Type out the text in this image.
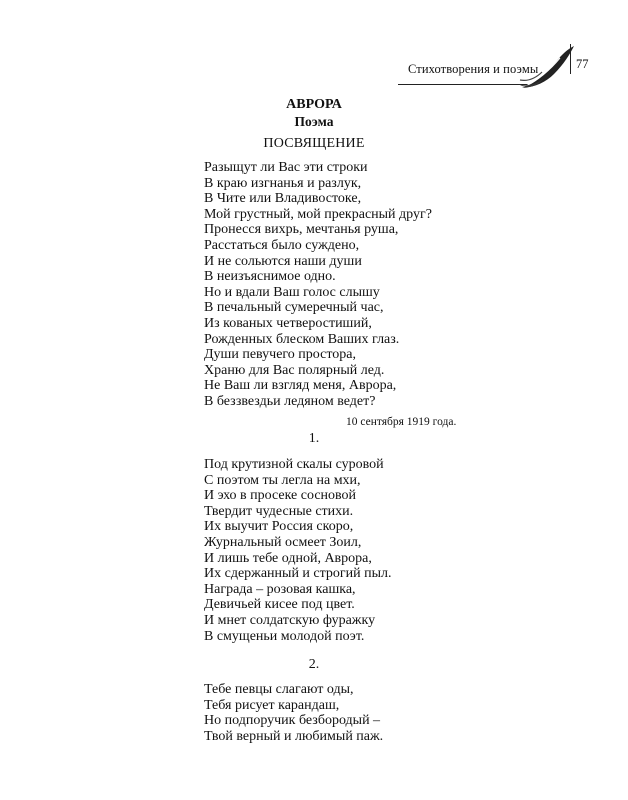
Стихотворения и поэмы	77
АВРОРА
Поэма
ПОСВЯЩЕНИЕ
Разыщут ли Вас эти строки
В краю изгнанья и разлук,
В Чите или Владивостоке,
Мой грустный, мой прекрасный друг?
Пронесся вихрь, мечтанья руша,
Расстаться было суждено,
И не сольются наши души
В неизъяснимое одно.
Но и вдали Ваш голос слышу
В печальный сумеречный час,
Из кованых четверостиший,
Рожденных блеском Ваших глаз.
Души певучего простора,
Храню для Вас полярный лед.
Не Ваш ли взгляд меня, Аврора,
В беззвездьи ледяном ведет?
10 сентября 1919 года.
1.
Под крутизной скалы суровой
С поэтом ты легла на мхи,
И эхо в просеке сосновой
Твердит чудесные стихи.
Их выучит Россия скоро,
Журнальный осмеет Зоил,
И лишь тебе одной, Аврора,
Их сдержанный и строгий пыл.
Награда – розовая кашка,
Девичьей кисее под цвет.
И мнет солдатскую фуражку
В смущеньи молодой поэт.
2.
Тебе певцы слагают оды,
Тебя рисует карандаш,
Но подпоручик безбородый –
Твой верный и любимый паж.
